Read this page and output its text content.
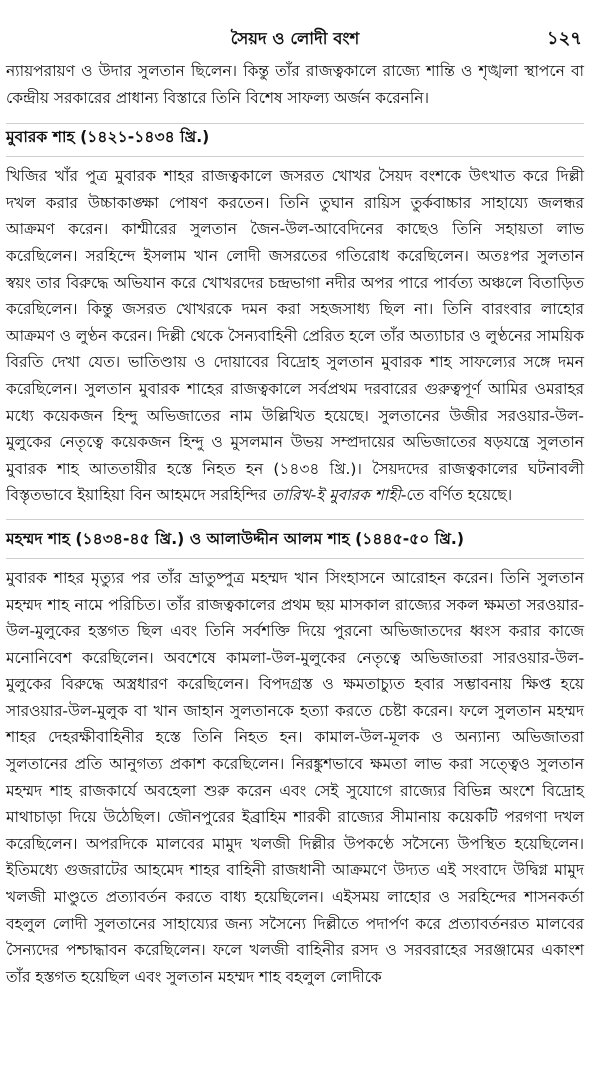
সৈয়দ ও লোদী বংশ	১২৭

ন্যায়পরায়ণ ও উদার সুলতান ছিলেন। কিন্তু তাঁর রাজত্বকালে রাজ্যে শান্তি ও শৃঙ্খলা স্থাপনে বা কেন্দ্রীয় সরকারের প্রাধান্য বিস্তারে তিনি বিশেষ সাফল্য অর্জন করেননি।

মুবারক শাহ (১৪২১-১৪৩৪ খ্রি.)

খিজির খাঁর পুত্র মুবারক শাহর রাজত্বকালে জসরত খোখর সৈয়দ বংশকে উৎখাত করে দিল্লী দখল করার উচ্চাকাঙ্ক্ষা পোষণ করতেন। তিনি তুঘান রায়িস তুর্কবাচ্চার সাহায্যে জলন্ধর আক্রমণ করেন। কাশ্মীরের সুলতান জৈন-উল-আবেদিনের কাছেও তিনি সহায়তা লাভ করেছিলেন। সরহিন্দে ইসলাম খান লোদী জসরতের গতিরোধ করেছিলেন। অতঃপর সুলতান স্বয়ং তার বিরুদ্ধে অভিযান করে খোখরদের চন্দ্রভাগা নদীর অপর পারে পার্বত্য অঞ্চলে বিতাড়িত করেছিলেন। কিন্তু জসরত খোখরকে দমন করা সহজসাধ্য ছিল না। তিনি বারংবার লাহোর আক্রমণ ও লুণ্ঠন করেন। দিল্লী থেকে সৈন্যবাহিনী প্রেরিত হলে তাঁর অত্যাচার ও লুণ্ঠনের সাময়িক বিরতি দেখা যেত। ভাতিণ্ডায় ও দোয়াবের বিদ্রোহ সুলতান মুবারক শাহ সাফল্যের সঙ্গে দমন করেছিলেন। সুলতান মুবারক শাহের রাজত্বকালে সর্বপ্রথম দরবারের গুরুত্বপূর্ণ আমির ওমরাহর মধ্যে কয়েকজন হিন্দু অভিজাতের নাম উল্লিখিত হয়েছে। সুলতানের উজীর সরওয়ার-উল-মুলুকের নেতৃত্বে কয়েকজন হিন্দু ও মুসলমান উভয় সম্প্রদায়ের অভিজাতের ষড়যন্ত্রে সুলতান মুবারক শাহ আততায়ীর হস্তে নিহত হন (১৪৩৪ খ্রি.)। সৈয়দদের রাজত্বকালের ঘটনাবলী বিস্তৃতভাবে ইয়াহিয়া বিন আহমদে সরহিন্দির তারিখ-ই মুবারক শাহী-তে বর্ণিত হয়েছে।

মহম্মদ শাহ (১৪৩৪-৪৫ খ্রি.) ও আলাউদ্দীন আলম শাহ (১৪৪৫-৫০ খ্রি.)

মুবারক শাহর মৃত্যুর পর তাঁর ভ্রাতুষ্পুত্র মহম্মদ খান সিংহাসনে আরোহন করেন। তিনি সুলতান মহম্মদ শাহ নামে পরিচিত। তাঁর রাজত্বকালের প্রথম ছয় মাসকাল রাজ্যের সকল ক্ষমতা সরওয়ার-উল-মুলুকের হস্তগত ছিল এবং তিনি সর্বশক্তি দিয়ে পুরনো অভিজাতদের ধ্বংস করার কাজে মনোনিবেশ করেছিলেন। অবশেষে কামলা-উল-মুলুকের নেতৃত্বে অভিজাতরা সারওয়ার-উল-মুলুকের বিরুদ্ধে অস্ত্রধারণ করেছিলেন। বিপদগ্রস্ত ও ক্ষমতাচ্যুত হবার সম্ভাবনায় ক্ষিপ্ত হয়ে সারওয়ার-উল-মুলুক বা খান জাহান সুলতানকে হত্যা করতে চেষ্টা করেন। ফলে সুলতান মহম্মদ শাহর দেহরক্ষীবাহিনীর হস্তে তিনি নিহত হন। কামাল-উল-মূলক ও অন্যান্য অভিজাতরা সুলতানের প্রতি আনুগত্য প্রকাশ করেছিলেন। নিরঙ্কুশভাবে ক্ষমতা লাভ করা সত্ত্বেও সুলতান মহম্মদ শাহ রাজকার্যে অবহেলা শুরু করেন এবং সেই সুযোগে রাজ্যের বিভিন্ন অংশে বিদ্রোহ মাথাচাড়া দিয়ে উঠেছিল। জৌনপুরের ইব্রাহিম শারকী রাজ্যের সীমানায় কয়েকটি পরগণা দখল করেছিলেন। অপরদিকে মালবের মামুদ খলজী দিল্লীর উপকণ্ঠে সসৈন্যে উপস্থিত হয়েছিলেন। ইতিমধ্যে গুজরাটের আহমেদ শাহর বাহিনী রাজধানী আক্রমণে উদ্যত এই সংবাদে উদ্বিগ্ন মামুদ খলজী মাণ্ডুতে প্রত্যাবর্তন করতে বাধ্য হয়েছিলেন। এইসময় লাহোর ও সরহিন্দের শাসনকর্তা বহলুল লোদী সুলতানের সাহায্যের জন্য সসৈন্যে দিল্লীতে পদার্পণ করে প্রত্যাবর্তনরত মালবের সৈন্যদের পশ্চাদ্ধাবন করেছিলেন। ফলে খলজী বাহিনীর রসদ ও সরবরাহের সরঞ্জামের একাংশ তাঁর হস্তগত হয়েছিল এবং সুলতান মহম্মদ শাহ বহলুল লোদীকে
